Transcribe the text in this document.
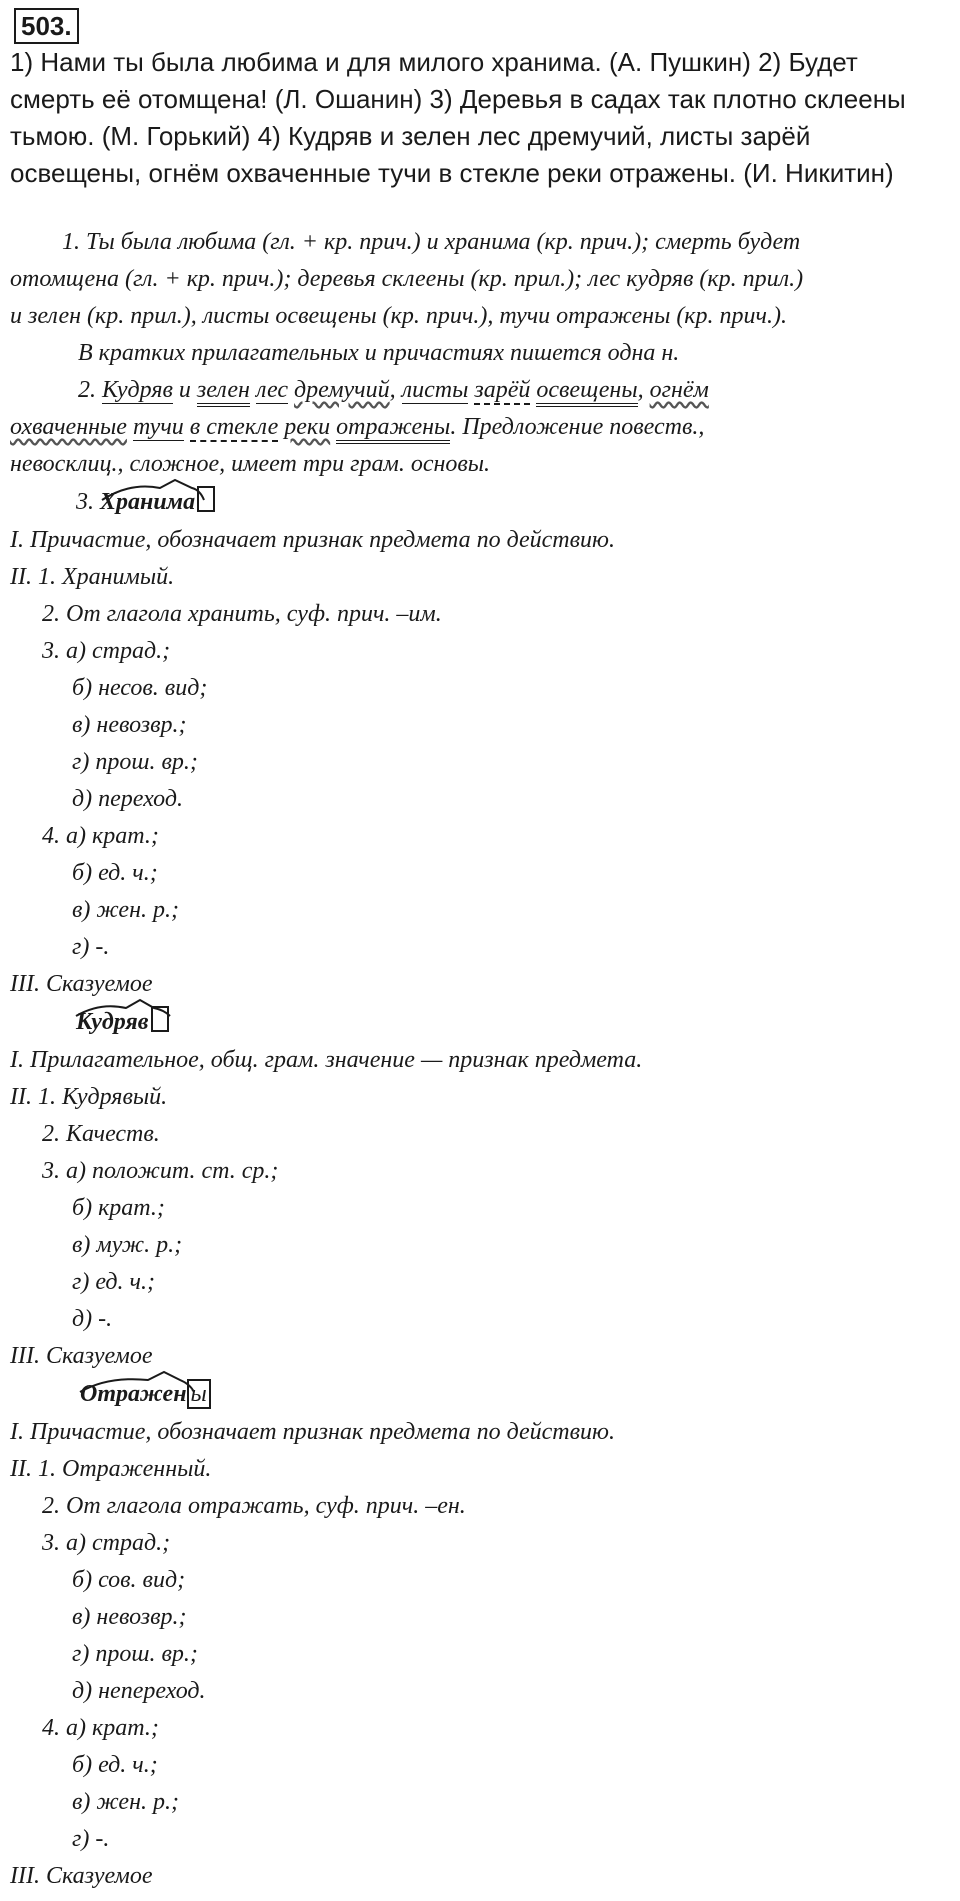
503.

1) Нами ты была любима и для милого хранима. (А. Пушкин) 2) Будет смерть её отомщена! (Л. Ошанин) 3) Деревья в садах так плотно склеены тьмою. (М. Горький) 4) Кудряв и зелен лес дремучий, листы зарёй освещены, огнём охваченные тучи в стекле реки отражены. (И. Никитин)

1. Ты была любима (гл. + кр. прич.) и хранима (кр. прич.); смерть будет
отомщена (гл. + кр. прич.); деревья склеены (кр. прил.); лес кудряв (кр. прил.)
и зелен (кр. прил.), листы освещены (кр. прич.), тучи отражены (кр. прич.).
В кратких прилагательных и причастиях пишется одна н.
2. Кудряв и зелен лес дремучий, листы зарёй освещены, огнём
охваченные тучи в стекле реки отражены. Предложение повеств.,
невосклиц., сложное, имеет три грам. основы.
3. Хранима
I. Причастие, обозначает признак предмета по действию.
II. 1. Хранимый.
2. От глагола хранить, суф. прич. –им.
3. а) страд.;
б) несов. вид;
в) невозвр.;
г) прош. вр.;
д) переход.
4. а) крат.;
б) ед. ч.;
в) жен. р.;
г) -.
III. Сказуемое
Кудряв
I. Прилагательное, общ. грам. значение — признак предмета.
II. 1. Кудрявый.
2. Качеств.
3. а) положит. ст. ср.;
б) крат.;
в) муж. р.;
г) ед. ч.;
д) -.
III. Сказуемое
Отражен ы
I. Причастие, обозначает признак предмета по действию.
II. 1. Отраженный.
2. От глагола отражать, суф. прич. –ен.
3. а) страд.;
б) сов. вид;
в) невозвр.;
г) прош. вр.;
д) непереход.
4. а) крат.;
б) ед. ч.;
в) жен. р.;
г) -.
III. Сказуемое
